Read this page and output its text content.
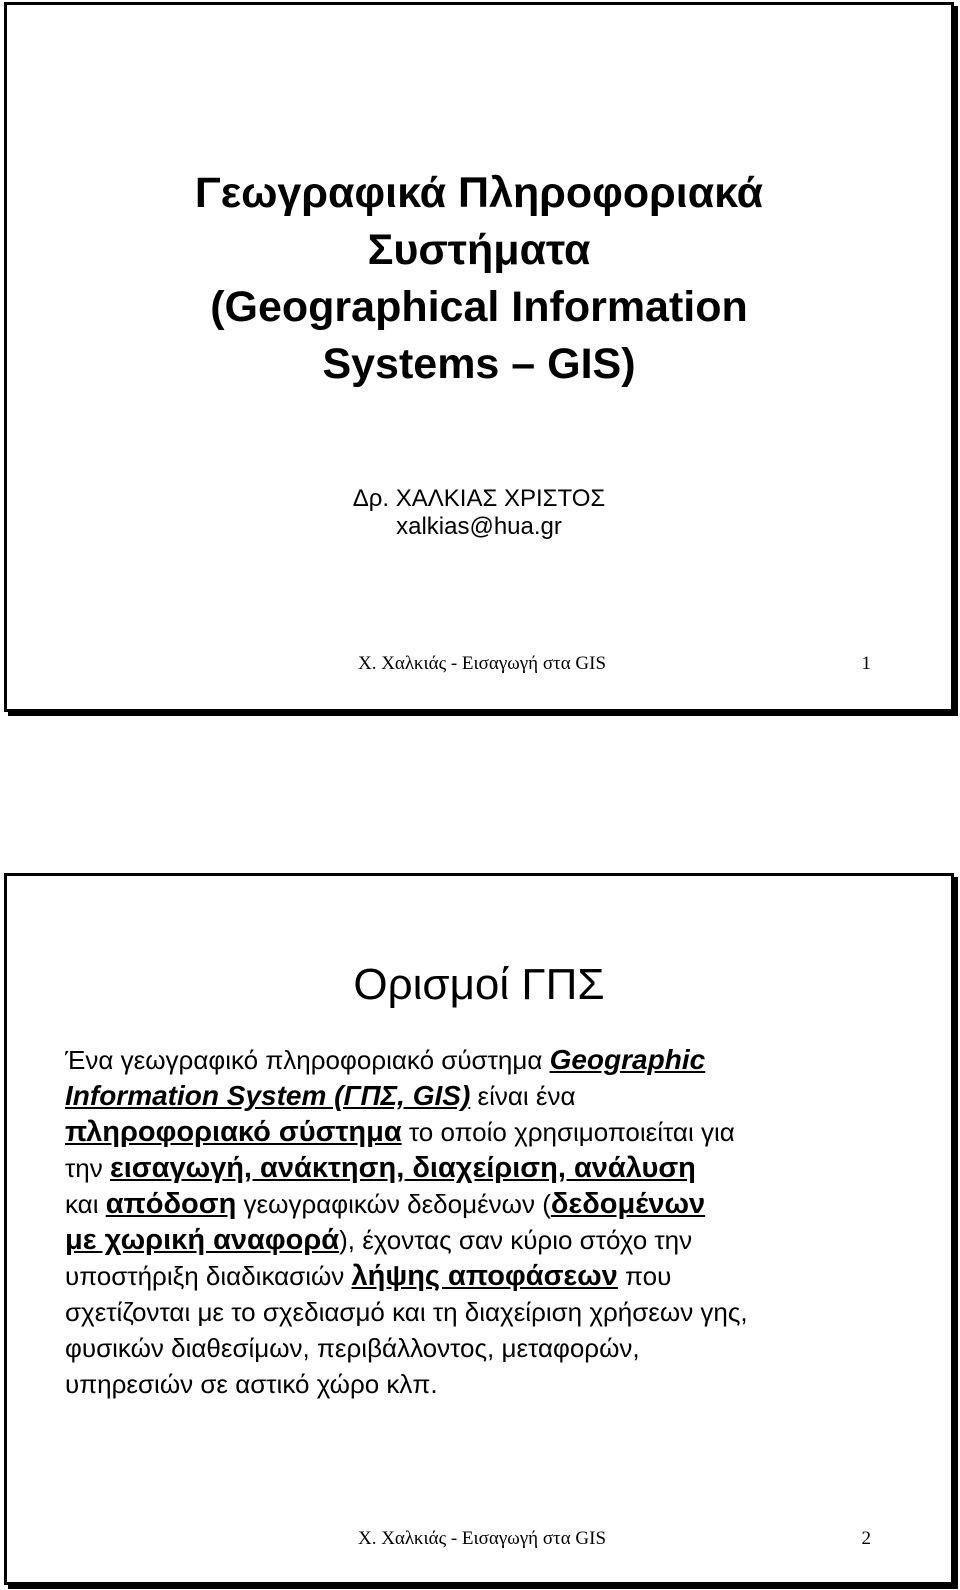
Γεωγραφικά Πληροφοριακά
Συστήματα
(Geographical Information
Systems – GIS)
Δρ. ΧΑΛΚΙΑΣ ΧΡΙΣΤΟΣ
xalkias@hua.gr
Χ. Χαλκιάς - Εισαγωγή στα GIS	1
Ορισμοί ΓΠΣ
Ένα γεωγραφικό πληροφοριακό σύστημα Geographic
Information System (ΓΠΣ, GIS) είναι ένα
πληροφοριακό σύστημα το οποίο χρησιμοποιείται για
την εισαγωγή, ανάκτηση, διαχείριση, ανάλυση
και απόδοση γεωγραφικών δεδομένων (δεδομένων
με χωρική αναφορά), έχοντας σαν κύριο στόχο την
υποστήριξη διαδικασιών λήψης αποφάσεων που
σχετίζονται με το σχεδιασμό και τη διαχείριση χρήσεων γης,
φυσικών διαθεσίμων, περιβάλλοντος, μεταφορών,
υπηρεσιών σε αστικό χώρο κλπ.
Χ. Χαλκιάς - Εισαγωγή στα GIS	2
